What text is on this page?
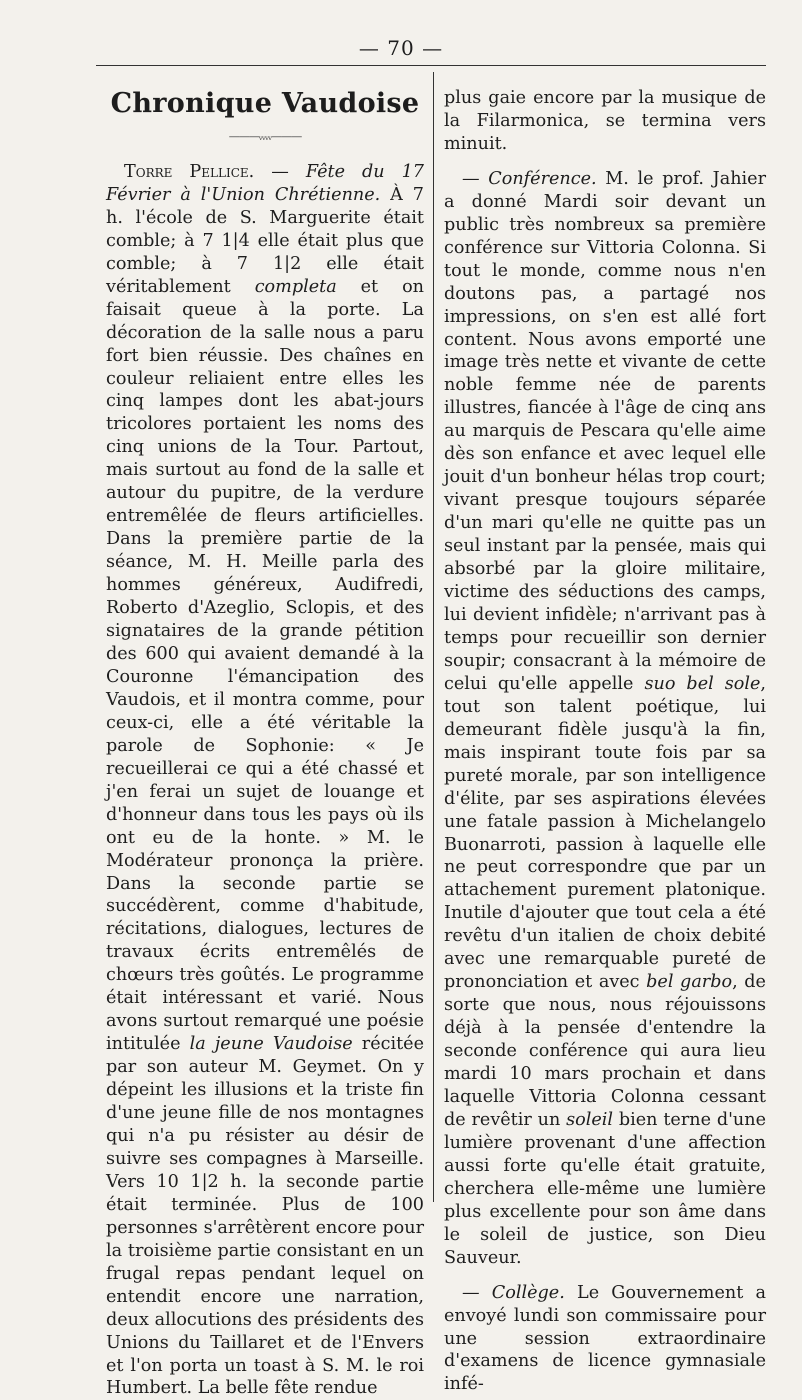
— 70 —
Chronique Vaudoise
———ᵥᵥᵥᵥ———

Torre Pellice. — Fête du 17 Février à l'Union Chrétienne. À 7 h. l'école de S. Marguerite était comble; à 7 1|4 elle était plus que comble; à 7 1|2 elle était véritablement completa et on faisait queue à la porte. La décoration de la salle nous a paru fort bien réussie. Des chaînes en couleur reliaient entre elles les cinq lampes dont les abat-jours tricolores portaient les noms des cinq unions de la Tour. Partout, mais surtout au fond de la salle et autour du pupitre, de la verdure entremêlée de fleurs artificielles. Dans la première partie de la séance, M. H. Meille parla des hommes généreux, Audifredi, Roberto d'Azeglio, Sclopis, et des signataires de la grande pétition des 600 qui avaient demandé à la Couronne l'émancipation des Vaudois, et il montra comme, pour ceux-ci, elle a été véritable la parole de Sophonie: « Je recueillerai ce qui a été chassé et j'en ferai un sujet de louange et d'honneur dans tous les pays où ils ont eu de la honte. » M. le Modérateur prononça la prière. Dans la seconde partie se succédèrent, comme d'habitude, récitations, dialogues, lectures de travaux écrits entremêlés de chœurs très goûtés. Le programme était intéressant et varié. Nous avons surtout remarqué une poésie intitulée la jeune Vaudoise récitée par son auteur M. Geymet. On y dépeint les illusions et la triste fin d'une jeune fille de nos montagnes qui n'a pu résister au désir de suivre ses compagnes à Marseille. Vers 10 1|2 h. la seconde partie était terminée. Plus de 100 personnes s'arrêtèrent encore pour la troisième partie consistant en un frugal repas pendant lequel on entendit encore une narration, deux allocutions des présidents des Unions du Taillaret et de l'Envers et l'on porta un toast à S. M. le roi Humbert. La belle fête rendue

plus gaie encore par la musique de la Filarmonica, se termina vers minuit.

— Conférence. M. le prof. Jahier a donné Mardi soir devant un public très nombreux sa première conférence sur Vittoria Colonna. Si tout le monde, comme nous n'en doutons pas, a partagé nos impressions, on s'en est allé fort content. Nous avons emporté une image très nette et vivante de cette noble femme née de parents illustres, fiancée à l'âge de cinq ans au marquis de Pescara qu'elle aime dès son enfance et avec lequel elle jouit d'un bonheur hélas trop court; vivant presque toujours séparée d'un mari qu'elle ne quitte pas un seul instant par la pensée, mais qui absorbé par la gloire militaire, victime des séductions des camps, lui devient infidèle; n'arrivant pas à temps pour recueillir son dernier soupir; consacrant à la mémoire de celui qu'elle appelle suo bel sole, tout son talent poétique, lui demeurant fidèle jusqu'à la fin, mais inspirant toute fois par sa pureté morale, par son intelligence d'élite, par ses aspirations élevées une fatale passion à Michelangelo Buonarroti, passion à laquelle elle ne peut correspondre que par un attachement purement platonique. Inutile d'ajouter que tout cela a été revêtu d'un italien de choix debité avec une remarquable pureté de prononciation et avec bel garbo, de sorte que nous, nous réjouissons déjà à la pensée d'entendre la seconde conférence qui aura lieu mardi 10 mars prochain et dans laquelle Vittoria Colonna cessant de revêtir un soleil bien terne d'une lumière provenant d'une affection aussi forte qu'elle était gratuite, cherchera elle-même une lumière plus excellente pour son âme dans le soleil de justice, son Dieu Sauveur.

— Collège. Le Gouvernement a envoyé lundi son commissaire pour une session extraordinaire d'examens de licence gymnasiale infé-
